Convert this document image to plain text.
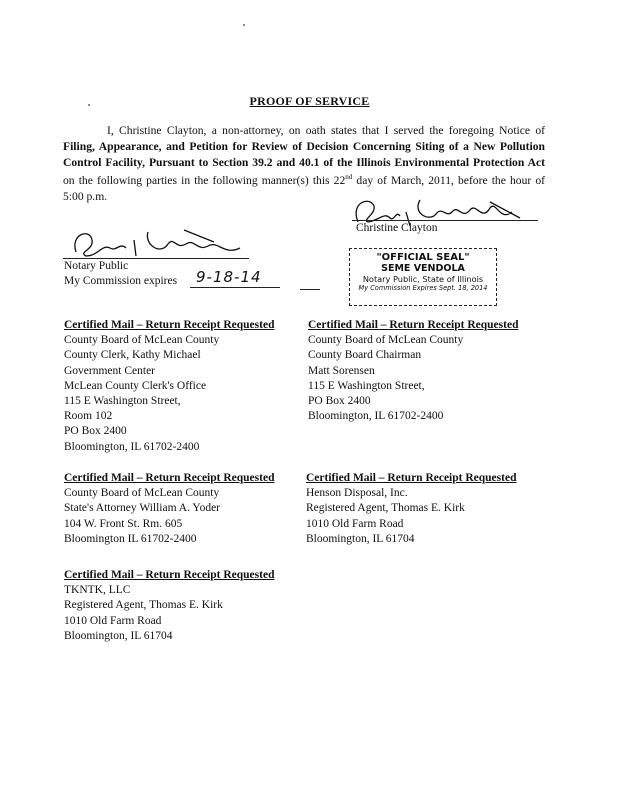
PROOF OF SERVICE
I, Christine Clayton, a non-attorney, on oath states that I served the foregoing Notice of Filing, Appearance, and Petition for Review of Decision Concerning Siting of a New Pollution Control Facility, Pursuant to Section 39.2 and 40.1 of the Illinois Environmental Protection Act on the following parties in the following manner(s) this 22nd day of March, 2011, before the hour of 5:00 p.m.
Christine Clayton
Notary Public
My Commission expires 9-18-14
"OFFICIAL SEAL"
SEME VENDOLA
Notary Public, State of Illinois
My Commission Expires Sept. 18, 2014
Certified Mail – Return Receipt Requested
County Board of McLean County
County Clerk, Kathy Michael
Government Center
McLean County Clerk's Office
115 E Washington Street,
Room 102
PO Box 2400
Bloomington, IL 61702-2400
Certified Mail – Return Receipt Requested
County Board of McLean County
County Board Chairman
Matt Sorensen
115 E Washington Street,
PO Box 2400
Bloomington, IL 61702-2400
Certified Mail – Return Receipt Requested
County Board of McLean County
State's Attorney William A. Yoder
104 W. Front St. Rm. 605
Bloomington IL 61702-2400
Certified Mail – Return Receipt Requested
Henson Disposal, Inc.
Registered Agent, Thomas E. Kirk
1010 Old Farm Road
Bloomington, IL 61704
Certified Mail – Return Receipt Requested
TKNTK, LLC
Registered Agent, Thomas E. Kirk
1010 Old Farm Road
Bloomington, IL 61704
